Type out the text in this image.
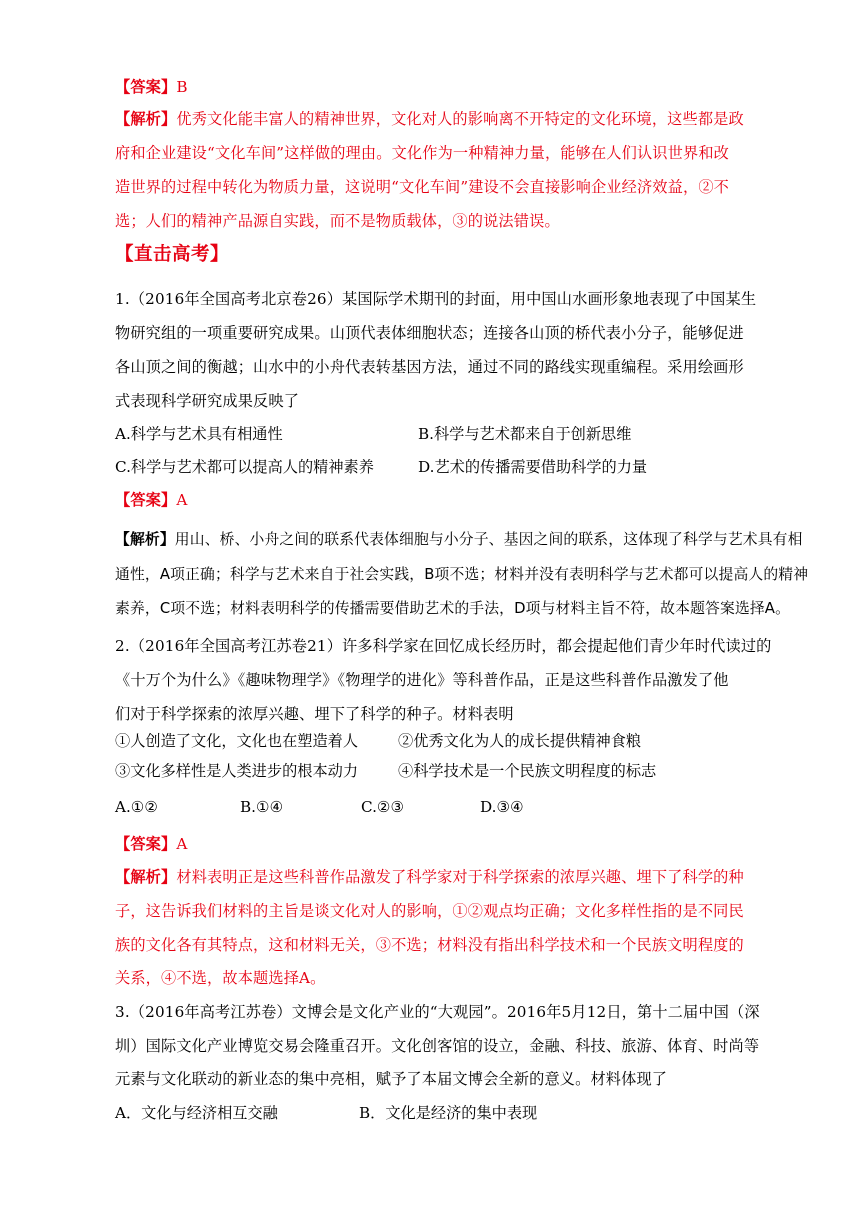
【答案】B
【解析】优秀文化能丰富人的精神世界，文化对人的影响离不开特定的文化环境，这些都是政
府和企业建设“文化车间”这样做的理由。文化作为一种精神力量，能够在人们认识世界和改
造世界的过程中转化为物质力量，这说明“文化车间”建设不会直接影响企业经济效益，②不
选；人们的精神产品源自实践，而不是物质载体，③的说法错误。
【直击高考】
1.（2016年全国高考北京卷26）某国际学术期刊的封面，用中国山水画形象地表现了中国某生
物研究组的一项重要研究成果。山顶代表体细胞状态；连接各山顶的桥代表小分子，能够促进
各山顶之间的衡越；山水中的小舟代表转基因方法，通过不同的路线实现重编程。采用绘画形
式表现科学研究成果反映了
A.科学与艺术具有相通性	B.科学与艺术都来自于创新思维
C.科学与艺术都可以提高人的精神素养	D.艺术的传播需要借助科学的力量
【答案】A
【解析】用山、桥、小舟之间的联系代表体细胞与小分子、基因之间的联系，这体现了科学与艺术具有相
通性，A项正确；科学与艺术来自于社会实践，B项不选；材料并没有表明科学与艺术都可以提高人的精神
素养，C项不选；材料表明科学的传播需要借助艺术的手法，D项与材料主旨不符，故本题答案选择A。
2.（2016年全国高考江苏卷21）许多科学家在回忆成长经历时，都会提起他们青少年时代读过的
《十万个为什么》《趣味物理学》《物理学的进化》等科普作品，正是这些科普作品激发了他
们对于科学探索的浓厚兴趣、埋下了科学的种子。材料表明
①人创造了文化，文化也在塑造着人	②优秀文化为人的成长提供精神食粮
③文化多样性是人类进步的根本动力	④科学技术是一个民族文明程度的标志
A.①②	B.①④	C.②③	D.③④
【答案】A
【解析】材料表明正是这些科普作品激发了科学家对于科学探索的浓厚兴趣、埋下了科学的种
子，这告诉我们材料的主旨是谈文化对人的影响，①②观点均正确；文化多样性指的是不同民
族的文化各有其特点，这和材料无关，③不选；材料没有指出科学技术和一个民族文明程度的
关系，④不选，故本题选择A。
3.（2016年高考江苏卷）文博会是文化产业的“大观园”。2016年5月12日，第十二届中国（深
圳）国际文化产业博览交易会隆重召开。文化创客馆的设立，金融、科技、旅游、体育、时尚等
元素与文化联动的新业态的集中亮相，赋予了本届文博会全新的意义。材料体现了
A．文化与经济相互交融	B．文化是经济的集中表现
